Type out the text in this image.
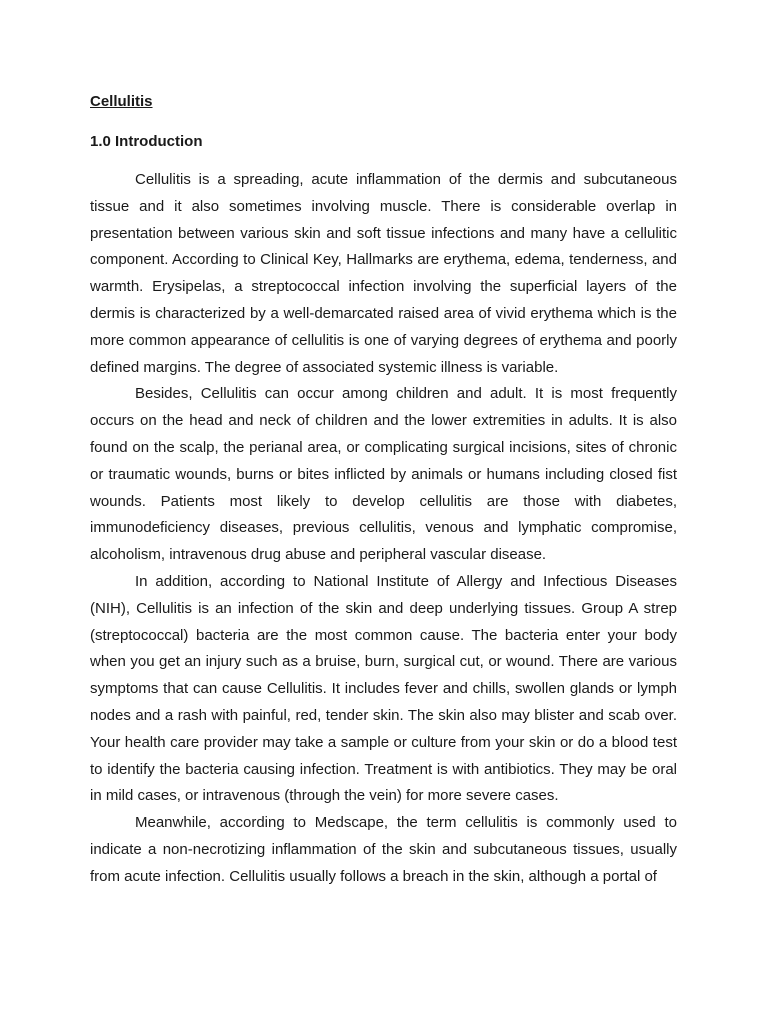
Cellulitis
1.0 Introduction

Cellulitis is a spreading, acute inflammation of the dermis and subcutaneous tissue and it also sometimes involving muscle. There is considerable overlap in presentation between various skin and soft tissue infections and many have a cellulitic component. According to Clinical Key, Hallmarks are erythema, edema, tenderness, and warmth. Erysipelas, a streptococcal infection involving the superficial layers of the dermis is characterized by a well-demarcated raised area of vivid erythema which is the more common appearance of cellulitis is one of varying degrees of erythema and poorly defined margins. The degree of associated systemic illness is variable.

Besides, Cellulitis can occur among children and adult. It is most frequently occurs on the head and neck of children and the lower extremities in adults. It is also found on the scalp, the perianal area, or complicating surgical incisions, sites of chronic or traumatic wounds, burns or bites inflicted by animals or humans including closed fist wounds. Patients most likely to develop cellulitis are those with diabetes, immunodeficiency diseases, previous cellulitis, venous and lymphatic compromise, alcoholism, intravenous drug abuse and peripheral vascular disease.

In addition, according to National Institute of Allergy and Infectious Diseases (NIH), Cellulitis is an infection of the skin and deep underlying tissues. Group A strep (streptococcal) bacteria are the most common cause. The bacteria enter your body when you get an injury such as a bruise, burn, surgical cut, or wound. There are various symptoms that can cause Cellulitis. It includes fever and chills, swollen glands or lymph nodes and a rash with painful, red, tender skin. The skin also may blister and scab over. Your health care provider may take a sample or culture from your skin or do a blood test to identify the bacteria causing infection. Treatment is with antibiotics. They may be oral in mild cases, or intravenous (through the vein) for more severe cases.

Meanwhile, according to Medscape, the term cellulitis is commonly used to indicate a non-necrotizing inflammation of the skin and subcutaneous tissues, usually from acute infection. Cellulitis usually follows a breach in the skin, although a portal of
